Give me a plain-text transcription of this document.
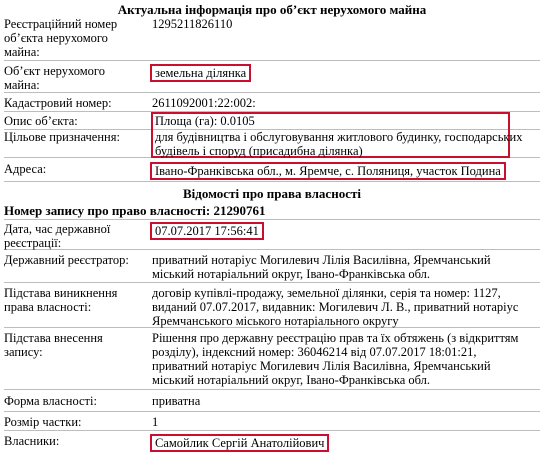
Актуальна інформація про об’єкт нерухомого майна
Реєстраційний номер
об’єкта нерухомого
майна:
1295211826110
Об’єкт нерухомого
майна:
земельна ділянка
Кадастровий номер:	2611092001:22:002:
Опис об’єкта:	Площа (га): 0.0105
Цільове призначення:	для будівництва і обслуговування житлового будинку, господарських
будівель і споруд (присадибна ділянка)
Адреса:	Івано-Франківська обл., м. Яремче, с. Поляниця, участок Подина
Відомості про права власності
Номер запису про право власності: 21290761
Дата, час державної
реєстрації:
07.07.2017 17:56:41
Державний реєстратор:	приватний нотаріус Могилевич Лілія Василівна, Яремчанський
міський нотаріальний округ, Івано-Франківська обл.
Підстава виникнення
права власності:
договір купівлі-продажу, земельної ділянки, серія та номер: 1127,
виданий 07.07.2017, видавник: Могилевич Л. В., приватний нотаріус
Яремчанського міського нотаріального округу
Підстава внесення
запису:
Рішення про державну реєстрацію прав та їх обтяжень (з відкриттям
розділу), індексний номер: 36046214 від 07.07.2017 18:01:21,
приватний нотаріус Могилевич Лілія Василівна, Яремчанський
міський нотаріальний округ, Івано-Франківська обл.
Форма власності:	приватна
Розмір частки:	1
Власники:	Самойлик Сергій Анатолійович
